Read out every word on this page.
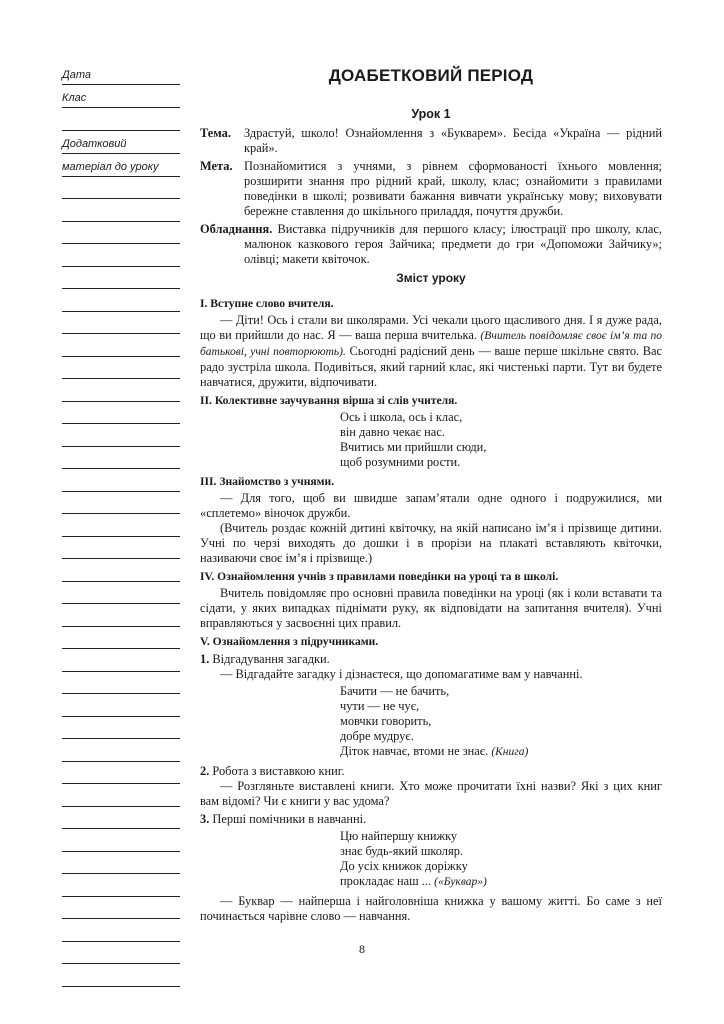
Дата
Клас
Додатковий
матеріал до уроку
ДОАБЕТКОВИЙ ПЕРІОД
Урок 1
Тема. Здрастуй, школо! Ознайомлення з «Букварем». Бесіда «Україна — рідний край».
Мета. Познайомитися з учнями, з рівнем сформованості їхнього мовлення; розширити знання про рідний край, школу, клас; ознайомити з правилами поведінки в школі; розвивати бажання вивчати українську мову; виховувати бережне ставлення до шкільного приладдя, почуття дружби.
Обладнання. Виставка підручників для першого класу; ілюстрації про школу, клас, малюнок казкового героя Зайчика; предмети до гри «Допоможи Зайчику»; олівці; макети квіточок.
Зміст уроку
І. Вступне слово вчителя.

— Діти! Ось і стали ви школярами. Усі чекали цього щасливого дня. І я дуже рада, що ви прийшли до нас. Я — ваша перша вчителька. (Вчитель повідомляє своє ім’я та по батькові, учні повторюють). Сьогодні радісний день — ваше перше шкільне свято. Вас радо зустріла школа. Подивіться, який гарний клас, які чистенькі парти. Тут ви будете навчатися, дружити, відпочивати.

ІІ. Колективне заучування вірша зі слів учителя.
Ось і школа, ось і клас,
він давно чекає нас.
Вчитись ми прийшли сюди,
щоб розумними рости.
ІІІ. Знайомство з учнями.

— Для того, щоб ви швидше запам’ятали одне одного і подружилися, ми «сплетемо» віночок дружби.

(Вчитель роздає кожній дитині квіточку, на якій написано ім’я і прізвище дитини. Учні по черзі виходять до дошки і в прорізи на плакаті вставляють квіточки, називаючи своє ім’я і прізвище.)

IV. Ознайомлення учнів з правилами поведінки на уроці та в школі.

Вчитель повідомляє про основні правила поведінки на уроці (як і коли вставати та сідати, у яких випадках піднімати руку, як відповідати на запитання вчителя). Учні вправляються у засвоєнні цих правил.

V. Ознайомлення з підручниками.
1. Відгадування загадки.

— Відгадайте загадку і дізнаєтеся, що допомагатиме вам у навчанні.

Бачити — не бачить,
чути — не чує,
мовчки говорить,
добре мудрує.
Діток навчає, втоми не знає. (Книга)
2. Робота з виставкою книг.

— Розгляньте виставлені книги. Хто може прочитати їхні назви? Які з цих книг вам відомі? Чи є книги у вас удома?

3. Перші помічники в навчанні.
Цю найпершу книжку
знає будь-який школяр.
До усіх книжок доріжку
прокладає наш ... («Буквар»)

— Буквар — найперша і найголовніша книжка у вашому житті. Бо саме з неї починається чарівне слово — навчання.

8
